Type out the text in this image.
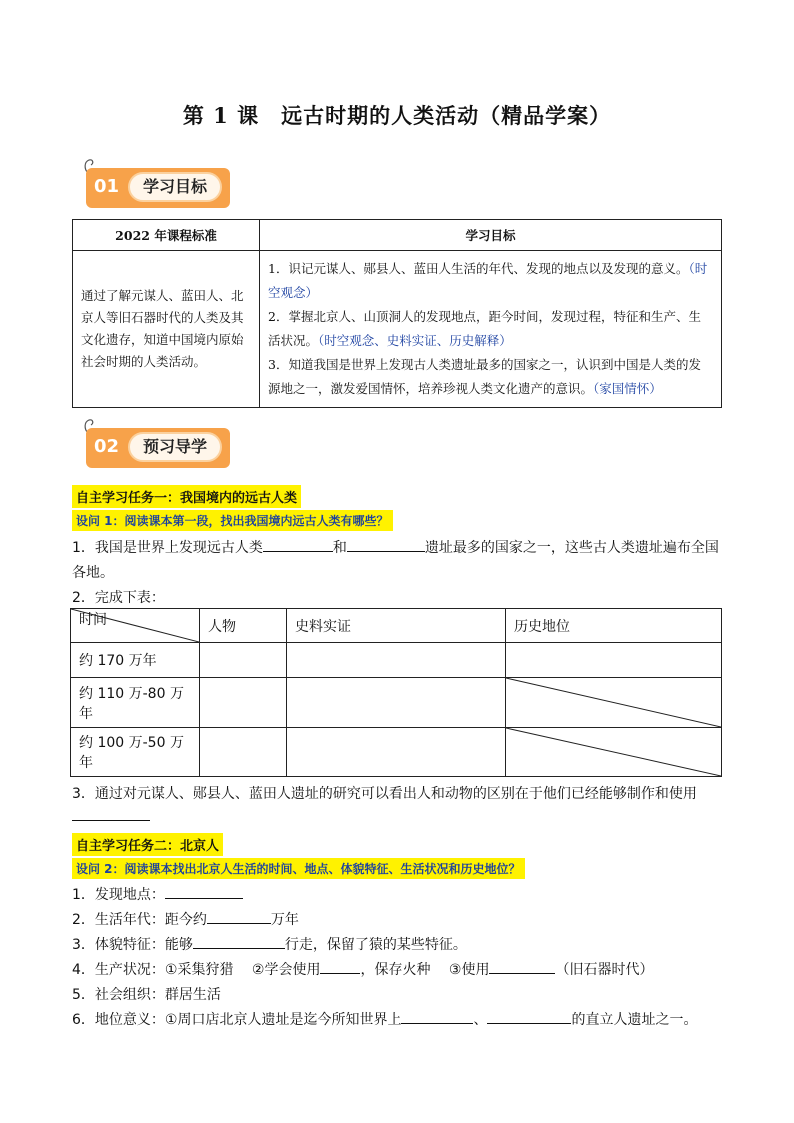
第 1 课　远古时期的人类活动（精品学案）
01	学习目标
2022 年课程标准	学习目标
通过了解元谋人、蓝田人、北京人等旧石器时代的人类及其文化遗存，知道中国境内原始社会时期的人类活动。	1．识记元谋人、郧县人、蓝田人生活的年代、发现的地点以及发现的意义。（时空观念）
2．掌握北京人、山顶洞人的发现地点，距今时间，发现过程，特征和生产、生活状况。（时空观念、史料实证、历史解释）
3．知道我国是世界上发现古人类遗址最多的国家之一，认识到中国是人类的发源地之一，激发爱国情怀，培养珍视人类文化遗产的意识。（家国情怀）
02	预习导学
自主学习任务一：我国境内的远古人类
设问 1：阅读课本第一段，找出我国境内远古人类有哪些？
1．我国是世界上发现远古人类	和	遗址最多的国家之一，这些古人类遗址遍布全国
各地。
2．完成下表：
时间	人物	史料实证	历史地位
约 170 万年			
约 110 万-80 万年			

约 100 万-50 万年			
3．通过对元谋人、郧县人、蓝田人遗址的研究可以看出人和动物的区别在于他们已经能够制作和使用
自主学习任务二：北京人
设问 2：阅读课本找出北京人生活的时间、地点、体貌特征、生活状况和历史地位？
1．发现地点：
2．生活年代：距今约	万年
3．体貌特征：能够	行走，保留了猿的某些特征。
4．生产状况：①采集狩猎　 ②学会使用	，保存火种　 ③使用	（旧石器时代）
5．社会组织：群居生活
6．地位意义：①周口店北京人遗址是迄今所知世界上	、	的直立人遗址之一。
